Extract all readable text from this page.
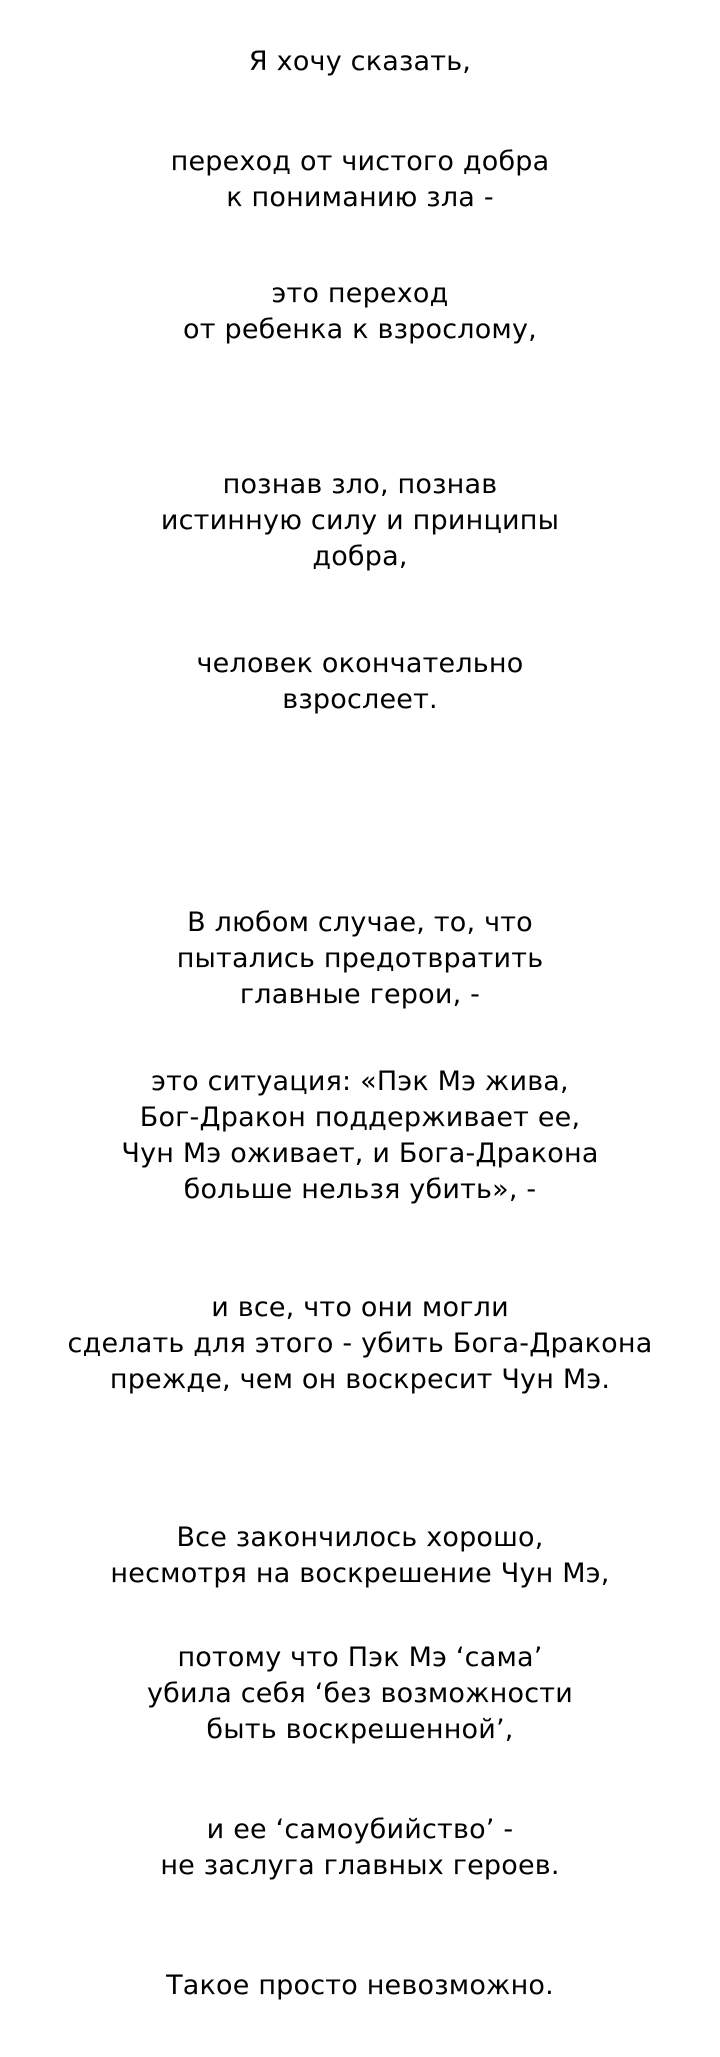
Я хочу сказать,
переход от чистого добра
к пониманию зла -
это переход
от ребенка к взрослому,
познав зло, познав
истинную силу и принципы
добра,
человек окончательно
взрослеет.
В любом случае, то, что
пытались предотвратить
главные герои, -
это ситуация: «Пэк Мэ жива,
Бог-Дракон поддерживает ее,
Чун Мэ оживает, и Бога-Дракона
больше нельзя убить», -
и все, что они могли
сделать для этого - убить Бога-Дракона
прежде, чем он воскресит Чун Мэ.
Все закончилось хорошо,
несмотря на воскрешение Чун Мэ,
потому что Пэк Мэ ‘сама’
убила себя ‘без возможности
быть воскрешенной’,
и ее ‘самоубийство’ -
не заслуга главных героев.
Такое просто невозможно.
